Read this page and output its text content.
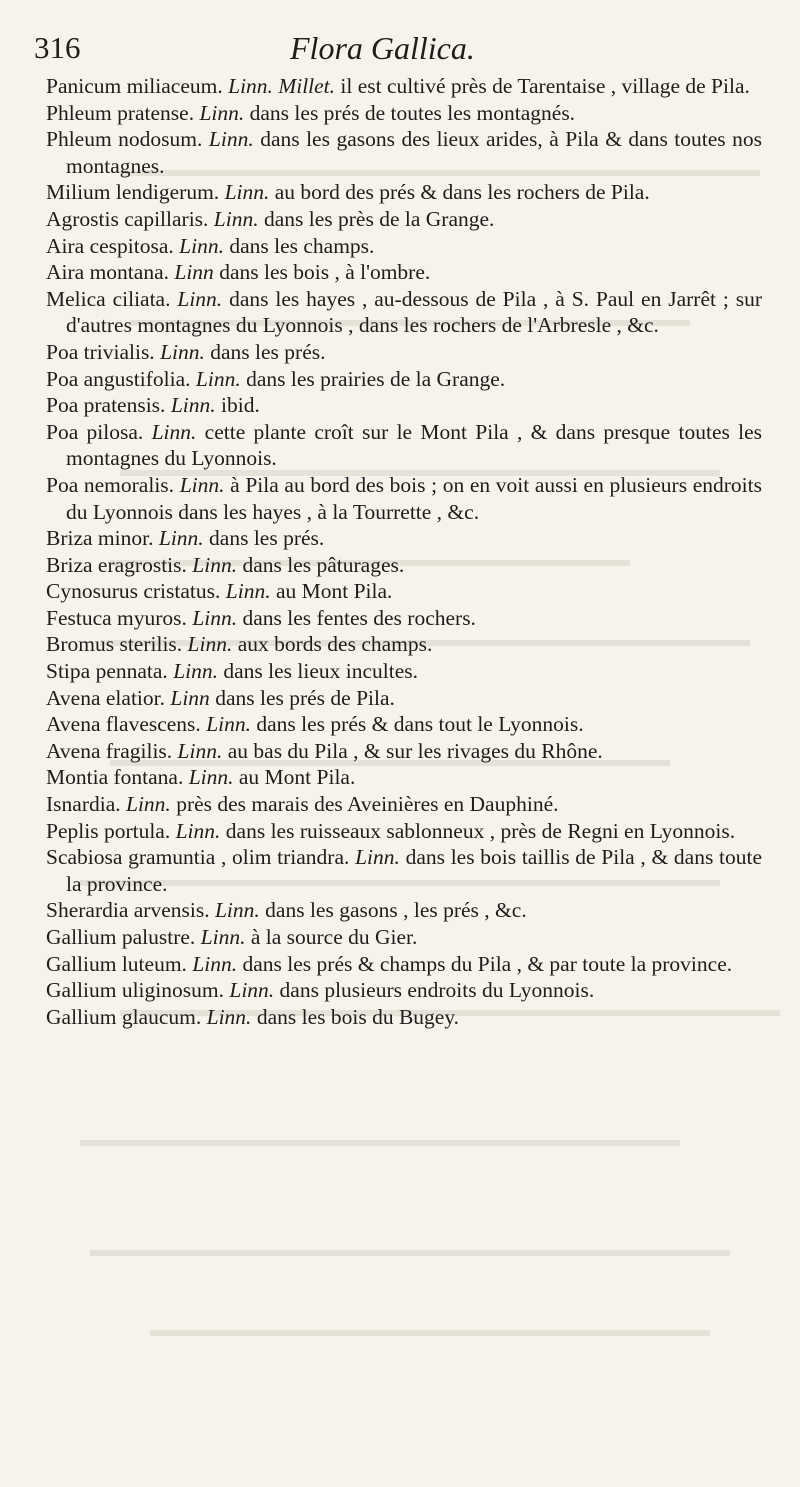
316	Flora Gallica.
Panicum miliaceum. Linn. Millet. il est cultivé près de Tarentaise , village de Pila.
Phleum pratense. Linn. dans les prés de toutes les montagnés.
Phleum nodosum. Linn. dans les gasons des lieux arides, à Pila & dans toutes nos montagnes.
Milium lendigerum. Linn. au bord des prés & dans les rochers de Pila.
Agrostis capillaris. Linn. dans les près de la Grange.
Aira cespitosa. Linn. dans les champs.
Aira montana. Linn dans les bois , à l'ombre.
Melica ciliata. Linn. dans les hayes , au-dessous de Pila , à S. Paul en Jarrêt ; sur d'autres montagnes du Lyonnois , dans les rochers de l'Arbresle , &c.
Poa trivialis. Linn. dans les prés.
Poa angustifolia. Linn. dans les prairies de la Grange.
Poa pratensis. Linn. ibid.
Poa pilosa. Linn. cette plante croît sur le Mont Pila , & dans presque toutes les montagnes du Lyonnois.
Poa nemoralis. Linn. à Pila au bord des bois ; on en voit aussi en plusieurs endroits du Lyonnois dans les hayes , à la Tourrette , &c.
Briza minor. Linn. dans les prés.
Briza eragrostis. Linn. dans les pâturages.
Cynosurus cristatus. Linn. au Mont Pila.
Festuca myuros. Linn. dans les fentes des rochers.
Bromus sterilis. Linn. aux bords des champs.
Stipa pennata. Linn. dans les lieux incultes.
Avena elatior. Linn dans les prés de Pila.
Avena flavescens. Linn. dans les prés & dans tout le Lyonnois.
Avena fragilis. Linn. au bas du Pila , & sur les rivages du Rhône.
Montia fontana. Linn. au Mont Pila.
Isnardia. Linn. près des marais des Aveinières en Dauphiné.
Peplis portula. Linn. dans les ruisseaux sablonneux , près de Regni en Lyonnois.
Scabiosa gramuntia , olim triandra. Linn. dans les bois taillis de Pila , & dans toute la province.
Sherardia arvensis. Linn. dans les gasons , les prés , &c.
Gallium palustre. Linn. à la source du Gier.
Gallium luteum. Linn. dans les prés & champs du Pila , & par toute la province.
Gallium uliginosum. Linn. dans plusieurs endroits du Lyonnois.
Gallium glaucum. Linn. dans les bois du Bugey.
